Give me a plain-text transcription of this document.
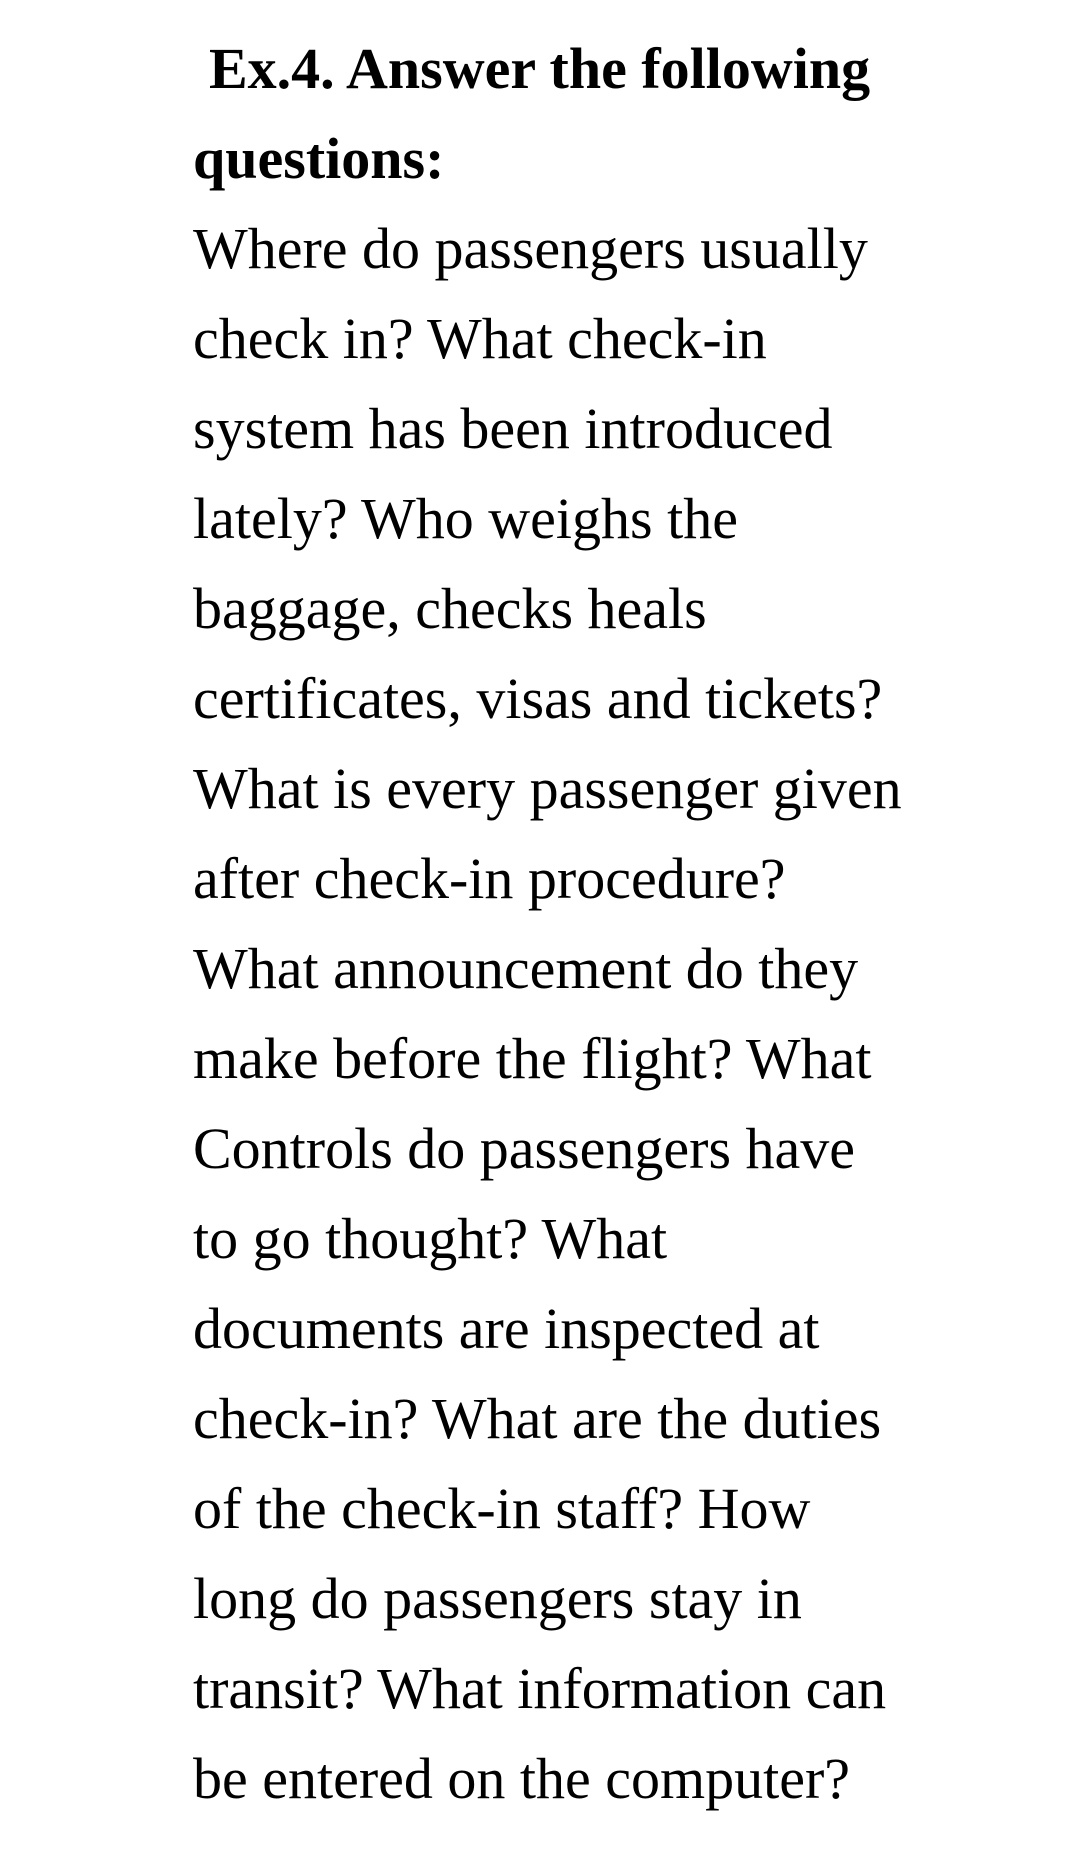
Ex.4. Answer the following
questions:

Where do passengers usually
check in? What check-in
system has been introduced
lately? Who weighs the
baggage, checks heals
certificates, visas and tickets?
What is every passenger given
after check-in procedure?
What announcement do they
make before the flight? What
Controls do passengers have
to go thought? What
documents are inspected at
check-in? What are the duties
of the check-in staff? How
long do passengers stay in
transit? What information can
be entered on the computer?
